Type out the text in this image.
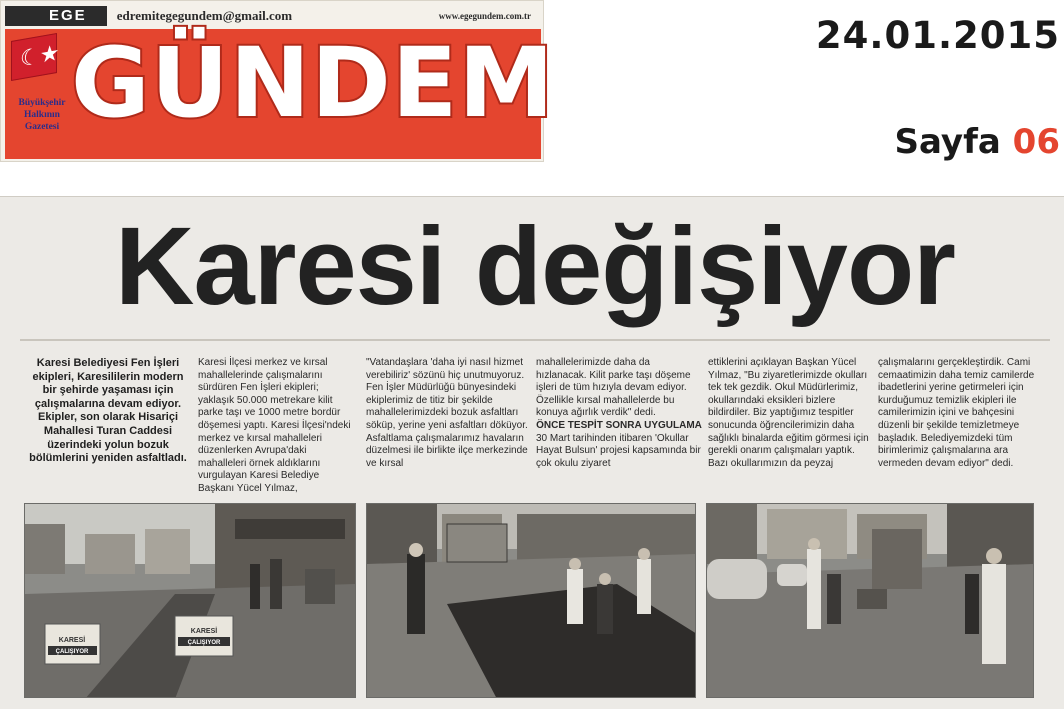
EGE	edremitegegundem@gmail.com	www.egegundem.com.tr
☾★ GÜNDEM
Büyükşehir Halkının Gazetesi
24.01.2015
Sayfa 06
Karesi değişiyor
Karesi Belediyesi Fen İşleri ekipleri, Karesililerin modern bir şehirde yaşaması için çalışmalarına devam ediyor. Ekipler, son olarak Hisariçi Mahallesi Turan Caddesi üzerindeki yolun bozuk bölümlerini yeniden asfaltladı.
Karesi İlçesi merkez ve kırsal mahallelerinde çalışmalarını sürdüren Fen İşleri ekipleri; yaklaşık 50.000 metrekare kilit parke taşı ve 1000 metre bordür döşemesi yaptı. Karesi İlçesi'ndeki merkez ve kırsal mahalleleri düzenlerken Avrupa'daki mahalleleri örnek aldıklarını vurgulayan Karesi Belediye Başkanı Yücel Yılmaz,
"Vatandaşlara 'daha iyi nasıl hizmet verebiliriz' sözünü hiç unutmuyoruz. Fen İşler Müdürlüğü bünyesindeki ekiplerimiz de titiz bir şekilde mahallelerimizdeki bozuk asfaltları söküp, yerine yeni asfaltları döküyor. Asfaltlama çalışmalarımız havaların düzelmesi ile birlikte ilçe merkezinde ve kırsal

mahallelerimizde daha da hızlanacak. Kilit parke taşı döşeme işleri de tüm hızıyla devam ediyor. Özellikle kırsal mahallelerde bu konuya ağırlık verdik" dedi.

ÖNCE TESPİT SONRA UYGULAMA

30 Mart tarihinden itibaren 'Okullar Hayat Bulsun' projesi kapsamında bir çok okulu ziyaret

ettiklerini açıklayan Başkan Yücel Yılmaz, "Bu ziyaretlerimizde okulları tek tek gezdik. Okul Müdürlerimiz, okullarındaki eksikleri bizlere bildirdiler. Biz yaptığımız tespitler sonucunda öğrencilerimizin daha sağlıklı binalarda eğitim görmesi için gerekli onarım çalışmaları yaptık. Bazı okullarımızın da peyzaj
çalışmalarını gerçekleştirdik. Cami cemaatimizin daha temiz camilerde ibadetlerini yerine getirmeleri için kurduğumuz temizlik ekipleri ile camilerimizin içini ve bahçesini düzenli bir şekilde temizletmeye başladık. Belediyemizdeki tüm birimlerimiz çalışmalarına ara vermeden devam ediyor" dedi.
KARESİ
ÇALIŞIYOR
KARESİ
ÇALIŞIYOR
